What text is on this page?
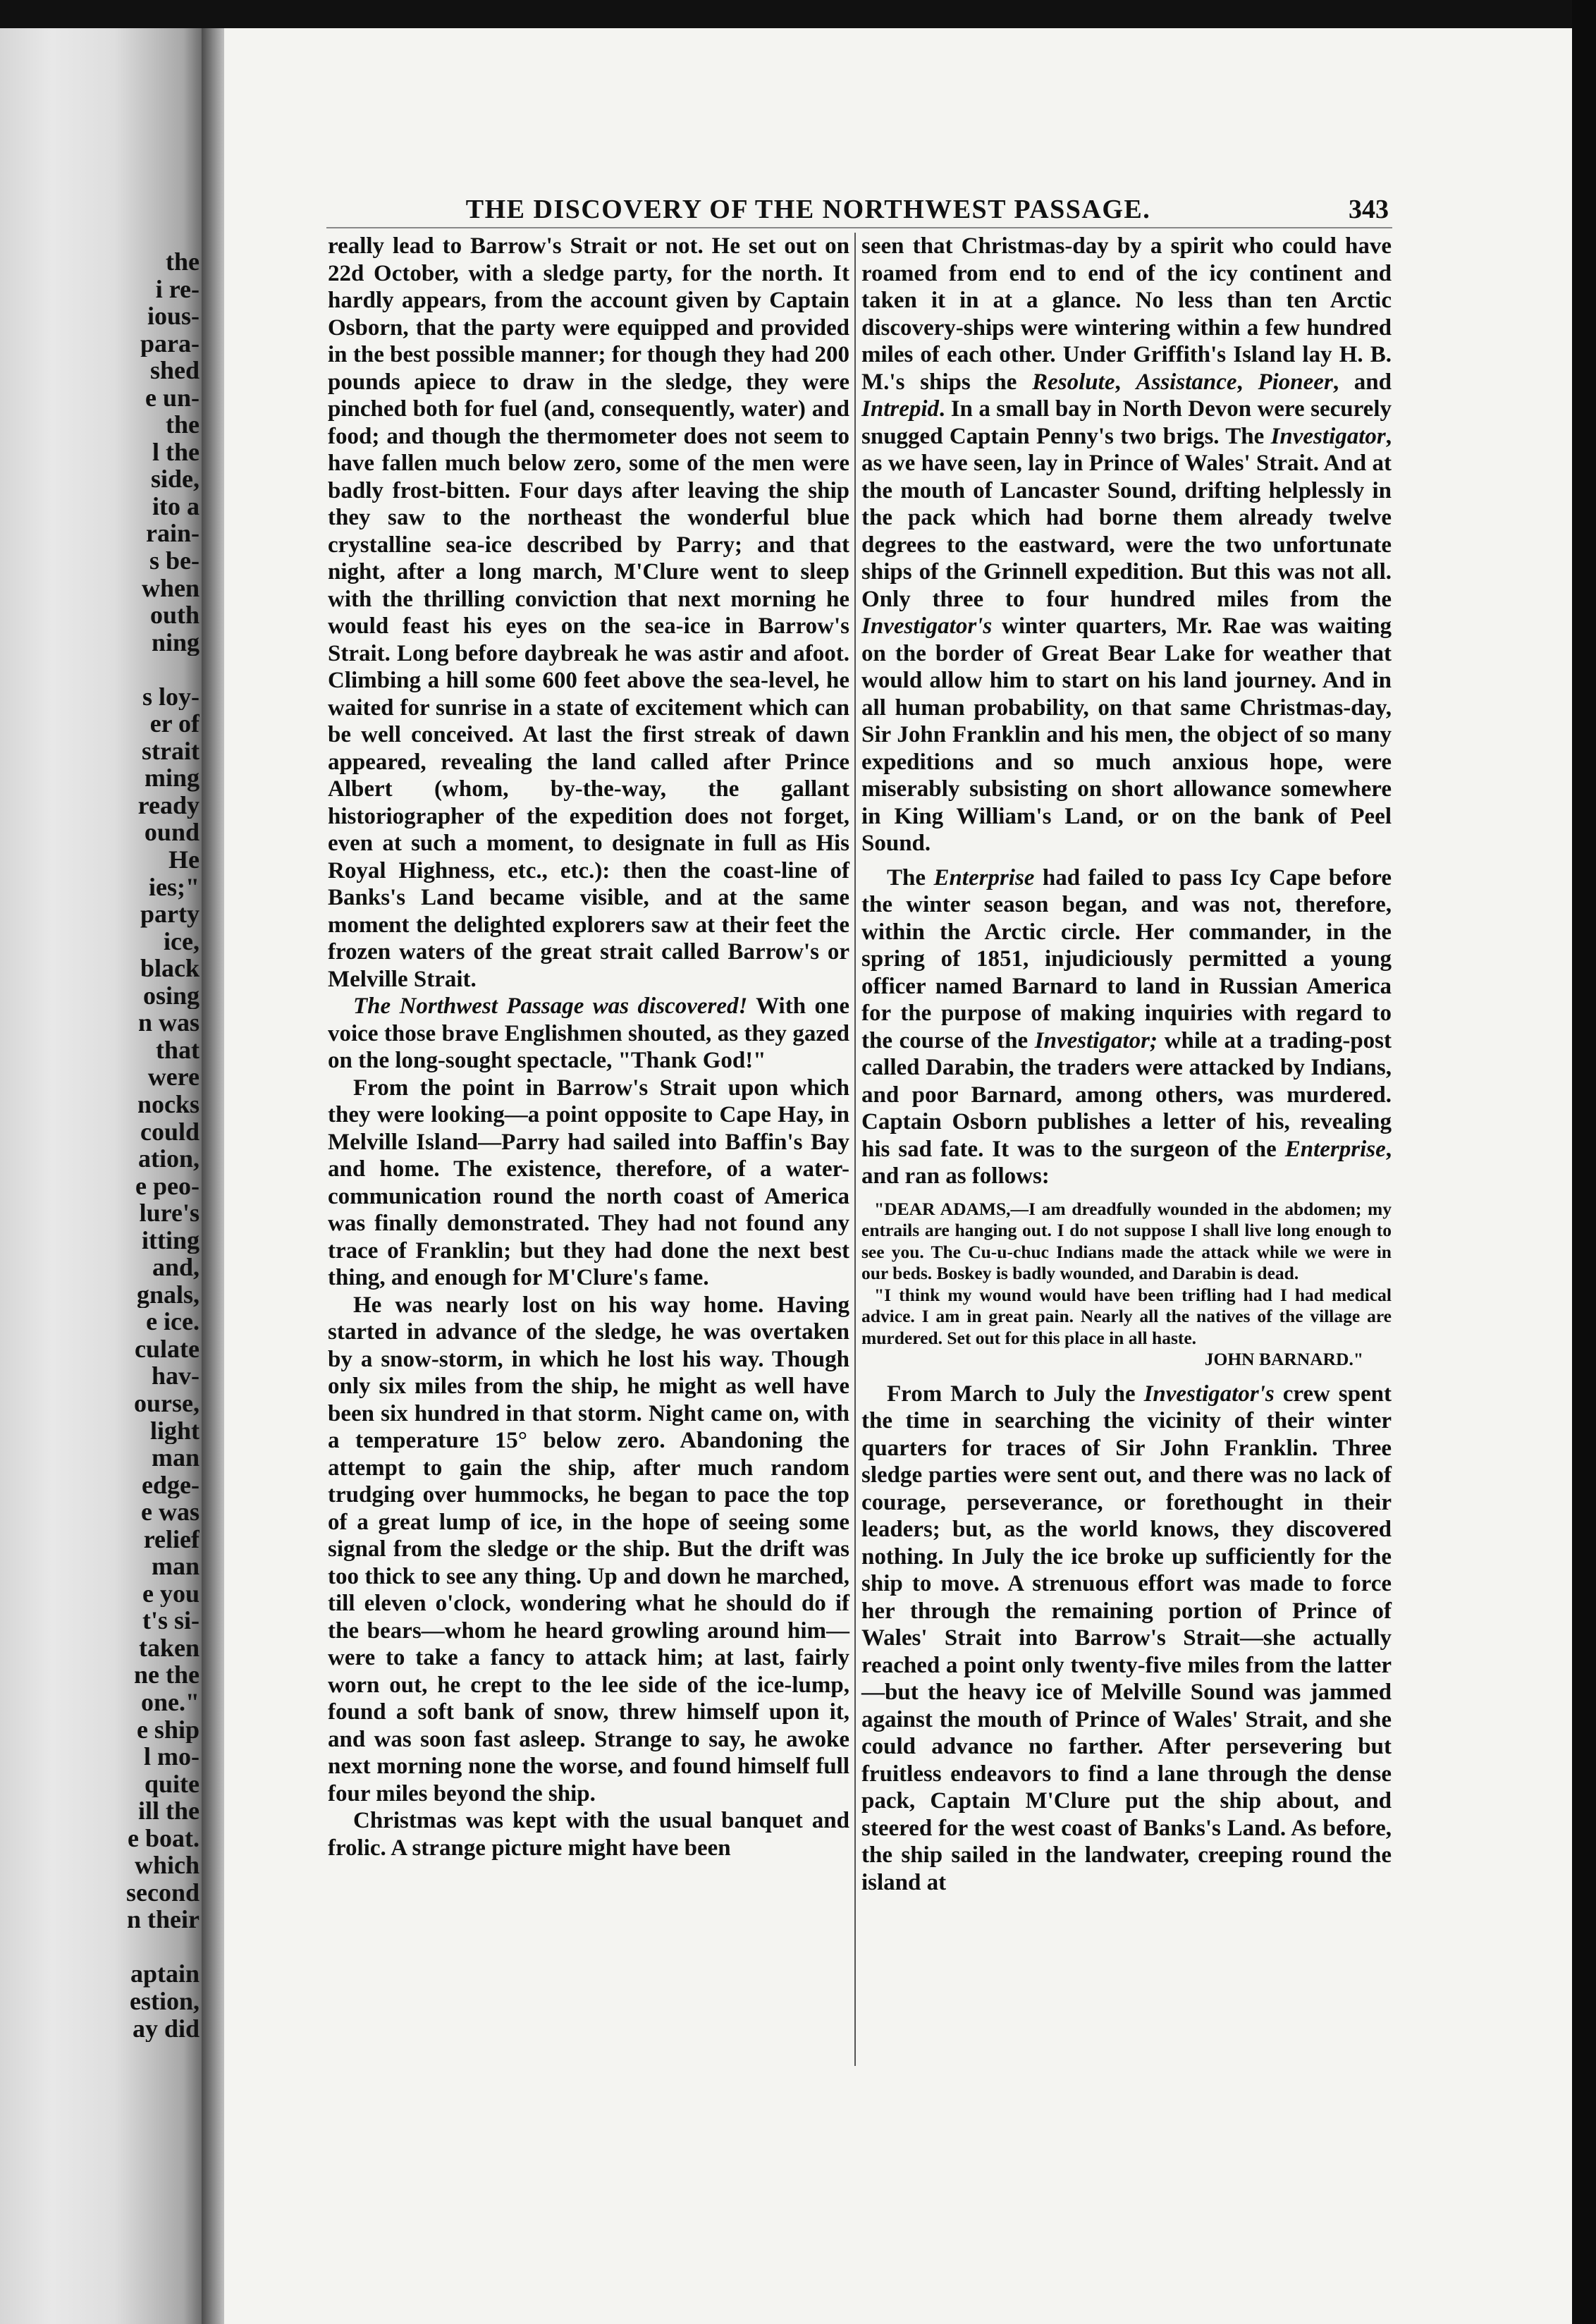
the
i re-
ious-
para-
shed
e un-
the
l the
side,
ito a
rain-
s be-
when
outh
ning

s loy-
er of
strait
ming
ready
ound
He
ies;"
party
ice,
black
osing
n was
that
were
nocks
could
ation,
e peo-
lure's
itting
and,
gnals,
e ice.
culate
hav-
ourse,
light
man
edge-
e was
relief
man
e you
t's si-
taken
ne the
one."
e ship
l mo-
quite
ill the
e boat.
which
second
n their

aptain
estion,
ay did
THE DISCOVERY OF THE NORTHWEST PASSAGE.	343

really lead to Barrow's Strait or not. He set out on 22d October, with a sledge party, for the north. It hardly appears, from the account given by Captain Osborn, that the party were equipped and provided in the best possible manner; for though they had 200 pounds apiece to draw in the sledge, they were pinched both for fuel (and, consequently, water) and food; and though the thermometer does not seem to have fallen much below zero, some of the men were badly frost-bitten. Four days after leaving the ship they saw to the northeast the wonderful blue crystalline sea-ice described by Parry; and that night, after a long march, M'Clure went to sleep with the thrilling conviction that next morning he would feast his eyes on the sea-ice in Barrow's Strait. Long before daybreak he was astir and afoot. Climbing a hill some 600 feet above the sea-level, he waited for sunrise in a state of excitement which can be well conceived. At last the first streak of dawn appeared, revealing the land called after Prince Albert (whom, by-the-way, the gallant historiographer of the expedition does not forget, even at such a moment, to designate in full as His Royal Highness, etc., etc.): then the coast-line of Banks's Land became visible, and at the same moment the delighted explorers saw at their feet the frozen waters of the great strait called Barrow's or Melville Strait.

The Northwest Passage was discovered! With one voice those brave Englishmen shouted, as they gazed on the long-sought spectacle, "Thank God!"

From the point in Barrow's Strait upon which they were looking—a point opposite to Cape Hay, in Melville Island—Parry had sailed into Baffin's Bay and home. The existence, therefore, of a water-communication round the north coast of America was finally demonstrated. They had not found any trace of Franklin; but they had done the next best thing, and enough for M'Clure's fame.

He was nearly lost on his way home. Having started in advance of the sledge, he was overtaken by a snow-storm, in which he lost his way. Though only six miles from the ship, he might as well have been six hundred in that storm. Night came on, with a temperature 15° below zero. Abandoning the attempt to gain the ship, after much random trudging over hummocks, he began to pace the top of a great lump of ice, in the hope of seeing some signal from the sledge or the ship. But the drift was too thick to see any thing. Up and down he marched, till eleven o'clock, wondering what he should do if the bears—whom he heard growling around him—were to take a fancy to attack him; at last, fairly worn out, he crept to the lee side of the ice-lump, found a soft bank of snow, threw himself upon it, and was soon fast asleep. Strange to say, he awoke next morning none the worse, and found himself full four miles beyond the ship.

Christmas was kept with the usual banquet and frolic. A strange picture might have been

seen that Christmas-day by a spirit who could have roamed from end to end of the icy continent and taken it in at a glance. No less than ten Arctic discovery-ships were wintering within a few hundred miles of each other. Under Griffith's Island lay H. B. M.'s ships the Resolute, Assistance, Pioneer, and Intrepid. In a small bay in North Devon were securely snugged Captain Penny's two brigs. The Investigator, as we have seen, lay in Prince of Wales' Strait. And at the mouth of Lancaster Sound, drifting helplessly in the pack which had borne them already twelve degrees to the eastward, were the two unfortunate ships of the Grinnell expedition. But this was not all. Only three to four hundred miles from the Investigator's winter quarters, Mr. Rae was waiting on the border of Great Bear Lake for weather that would allow him to start on his land journey. And in all human probability, on that same Christmas-day, Sir John Franklin and his men, the object of so many expeditions and so much anxious hope, were miserably subsisting on short allowance somewhere in King William's Land, or on the bank of Peel Sound.

The Enterprise had failed to pass Icy Cape before the winter season began, and was not, therefore, within the Arctic circle. Her commander, in the spring of 1851, injudiciously permitted a young officer named Barnard to land in Russian America for the purpose of making inquiries with regard to the course of the Investigator; while at a trading-post called Darabin, the traders were attacked by Indians, and poor Barnard, among others, was murdered. Captain Osborn publishes a letter of his, revealing his sad fate. It was to the surgeon of the Enterprise, and ran as follows:

"DEAR ADAMS,—I am dreadfully wounded in the abdomen; my entrails are hanging out. I do not suppose I shall live long enough to see you. The Cu-u-chuc Indians made the attack while we were in our beds. Boskey is badly wounded, and Darabin is dead.

"I think my wound would have been trifling had I had medical advice. I am in great pain. Nearly all the natives of the village are murdered. Set out for this place in all haste.

JOHN BARNARD."

From March to July the Investigator's crew spent the time in searching the vicinity of their winter quarters for traces of Sir John Franklin. Three sledge parties were sent out, and there was no lack of courage, perseverance, or forethought in their leaders; but, as the world knows, they discovered nothing. In July the ice broke up sufficiently for the ship to move. A strenuous effort was made to force her through the remaining portion of Prince of Wales' Strait into Barrow's Strait—she actually reached a point only twenty-five miles from the latter—but the heavy ice of Melville Sound was jammed against the mouth of Prince of Wales' Strait, and she could advance no farther. After persevering but fruitless endeavors to find a lane through the dense pack, Captain M'Clure put the ship about, and steered for the west coast of Banks's Land. As before, the ship sailed in the landwater, creeping round the island at
